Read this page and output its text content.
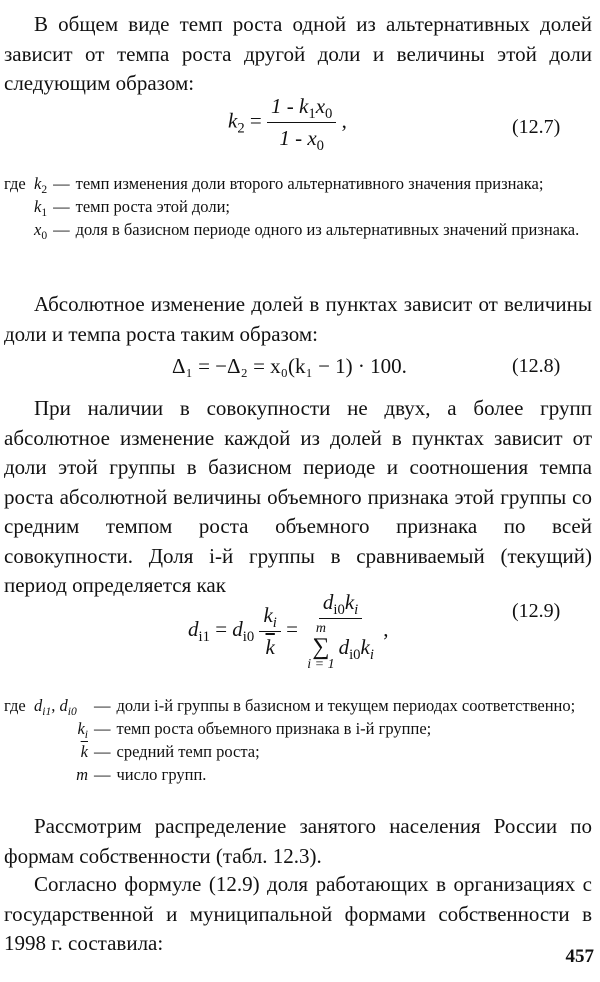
В общем виде темп роста одной из альтернативных долей зависит от темпа роста другой доли и величины этой доли следующим образом:

$k_2 = \frac{1 - k_1x_0}{1 - x_0}$ ,	(12.7)
где $k_2$ — темп изменения доли второго альтернативного значения признака;
$k_1$ — темп роста этой доли;
$x_0$ — доля в базисном периоде одного из альтернативных значений признака.

Абсолютное изменение долей в пунктах зависит от величины доли и темпа роста таким образом:

Δ₁ = −Δ₂ = x₀(k₁ − 1) · 100.	(12.8)

При наличии в совокупности не двух, а более групп абсолютное изменение каждой из долей в пунктах зависит от доли этой группы в базисном периоде и соотношения темпа роста абсолютной величины объемного признака этой группы со средним темпом роста объемного признака по всей совокупности. Доля i-й группы в сравниваемый (текущий) период определяется как

$d_{i1} = d_{i0} \frac{k_i}{k} = d_{i0}k_i$
m
∑
i = 1
$d_{i0}k_i$ ,
(12.9)
где $d_{i1}$, $d_{i0}$	— доли i-й группы в базисном и текущем периодах соответственно;
$k_i$ — темп роста объемного признака в i-й группе;
$\overline{k}$ — средний темп роста;
m — число групп.

Рассмотрим распределение занятого населения России по формам собственности (табл. 12.3).

Согласно формуле (12.9) доля работающих в организациях с государственной и муниципальной формами собственности в 1998 г. составила:

457
